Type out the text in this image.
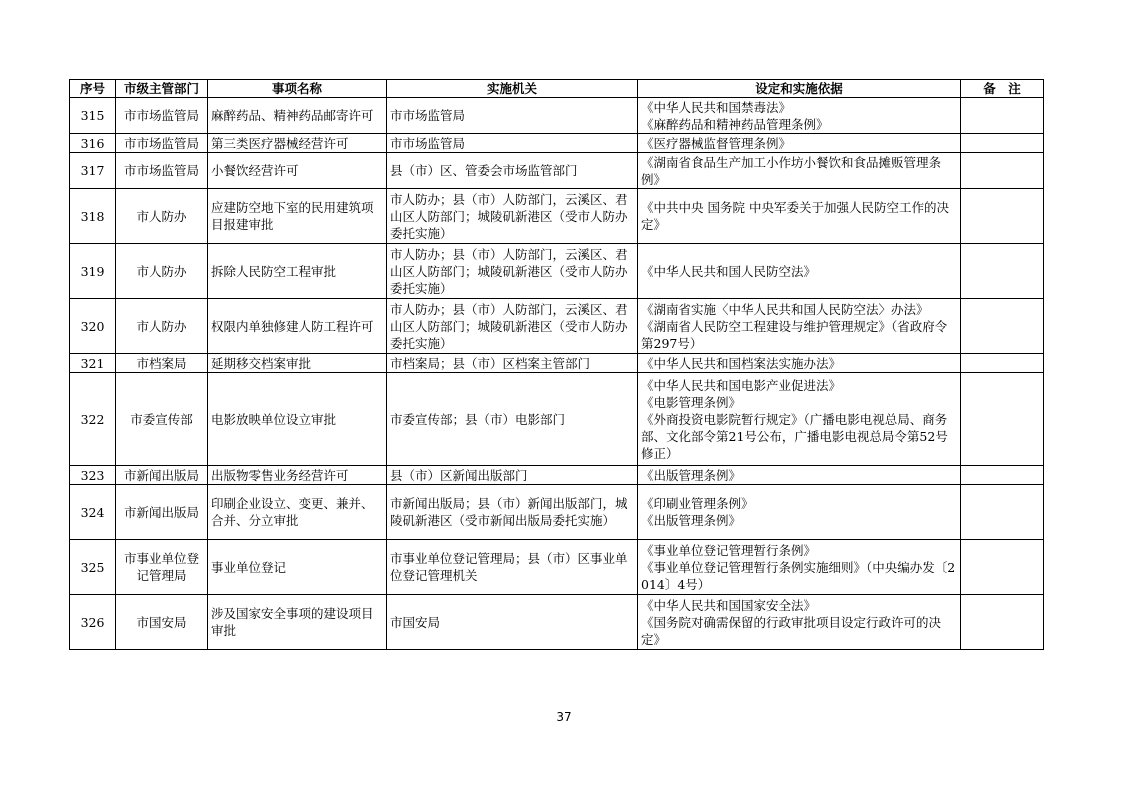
序号	市级主管部门	事项名称	实施机关	设定和实施依据	备　注
315	市市场监管局	麻醉药品、精神药品邮寄许可	市市场监管局	《中华人民共和国禁毒法》
《麻醉药品和精神药品管理条例》	

316	市市场监管局	第三类医疗器械经营许可	市市场监管局	《医疗器械监督管理条例》	

317	市市场监管局	小餐饮经营许可	县（市）区、管委会市场监管部门	《湖南省食品生产加工小作坊小餐饮和食品摊贩管理条例》	

318	市人防办	应建防空地下室的民用建筑项目报建审批	市人防办；县（市）人防部门，云溪区、君山区人防部门；城陵矶新港区（受市人防办委托实施）	《中共中央 国务院 中央军委关于加强人民防空工作的决定》	

319	市人防办	拆除人民防空工程审批	市人防办；县（市）人防部门，云溪区、君山区人防部门；城陵矶新港区（受市人防办委托实施）	《中华人民共和国人民防空法》	

320	市人防办	权限内单独修建人防工程许可	市人防办；县（市）人防部门，云溪区、君山区人防部门；城陵矶新港区（受市人防办委托实施）	《湖南省实施〈中华人民共和国人民防空法〉办法》
《湖南省人民防空工程建设与维护管理规定》（省政府令第297号）	

321	市档案局	延期移交档案审批	市档案局；县（市）区档案主管部门	《中华人民共和国档案法实施办法》	

322	市委宣传部	电影放映单位设立审批	市委宣传部；县（市）电影部门	《中华人民共和国电影产业促进法》
《电影管理条例》
《外商投资电影院暂行规定》（广播电影电视总局、商务部、文化部令第21号公布，广播电影电视总局令第52号修正）	

323	市新闻出版局	出版物零售业务经营许可	县（市）区新闻出版部门	《出版管理条例》	

324	市新闻出版局	印刷企业设立、变更、兼并、合并、分立审批	市新闻出版局；县（市）新闻出版部门，城陵矶新港区（受市新闻出版局委托实施）	《印刷业管理条例》
《出版管理条例》	

325	市事业单位登记管理局	事业单位登记	市事业单位登记管理局；县（市）区事业单位登记管理机关	《事业单位登记管理暂行条例》
《事业单位登记管理暂行条例实施细则》（中央编办发〔2014〕4号）	

326	市国安局	涉及国家安全事项的建设项目审批	市国安局	《中华人民共和国国家安全法》
《国务院对确需保留的行政审批项目设定行政许可的决定》	

37
